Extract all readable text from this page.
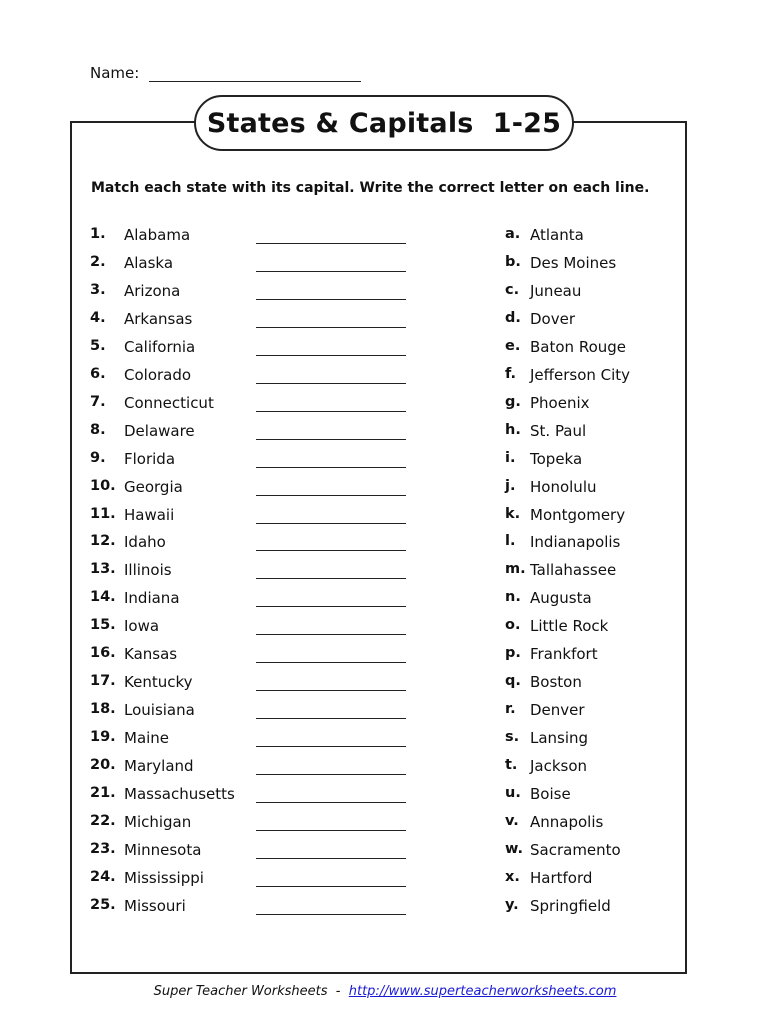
Name:
States & Capitals  1-25
Match each state with its capital. Write the correct letter on each line.
1. Alabama	a. Atlanta
2. Alaska	b. Des Moines
3. Arizona	c. Juneau
4. Arkansas	d. Dover
5. California	e. Baton Rouge
6. Colorado	f. Jefferson City
7. Connecticut	g. Phoenix
8. Delaware	h. St. Paul
9. Florida	i. Topeka
10. Georgia	j. Honolulu
11. Hawaii	k. Montgomery
12. Idaho	l. Indianapolis
13. Illinois	m. Tallahassee
14. Indiana	n. Augusta
15. Iowa	o. Little Rock
16. Kansas	p. Frankfort
17. Kentucky	q. Boston
18. Louisiana	r. Denver
19. Maine	s. Lansing
20. Maryland	t. Jackson
21. Massachusetts	u. Boise
22. Michigan	v. Annapolis
23. Minnesota	w. Sacramento
24. Mississippi	x. Hartford
25. Missouri	y. Springfield
Super Teacher Worksheets  -  http://www.superteacherworksheets.com
